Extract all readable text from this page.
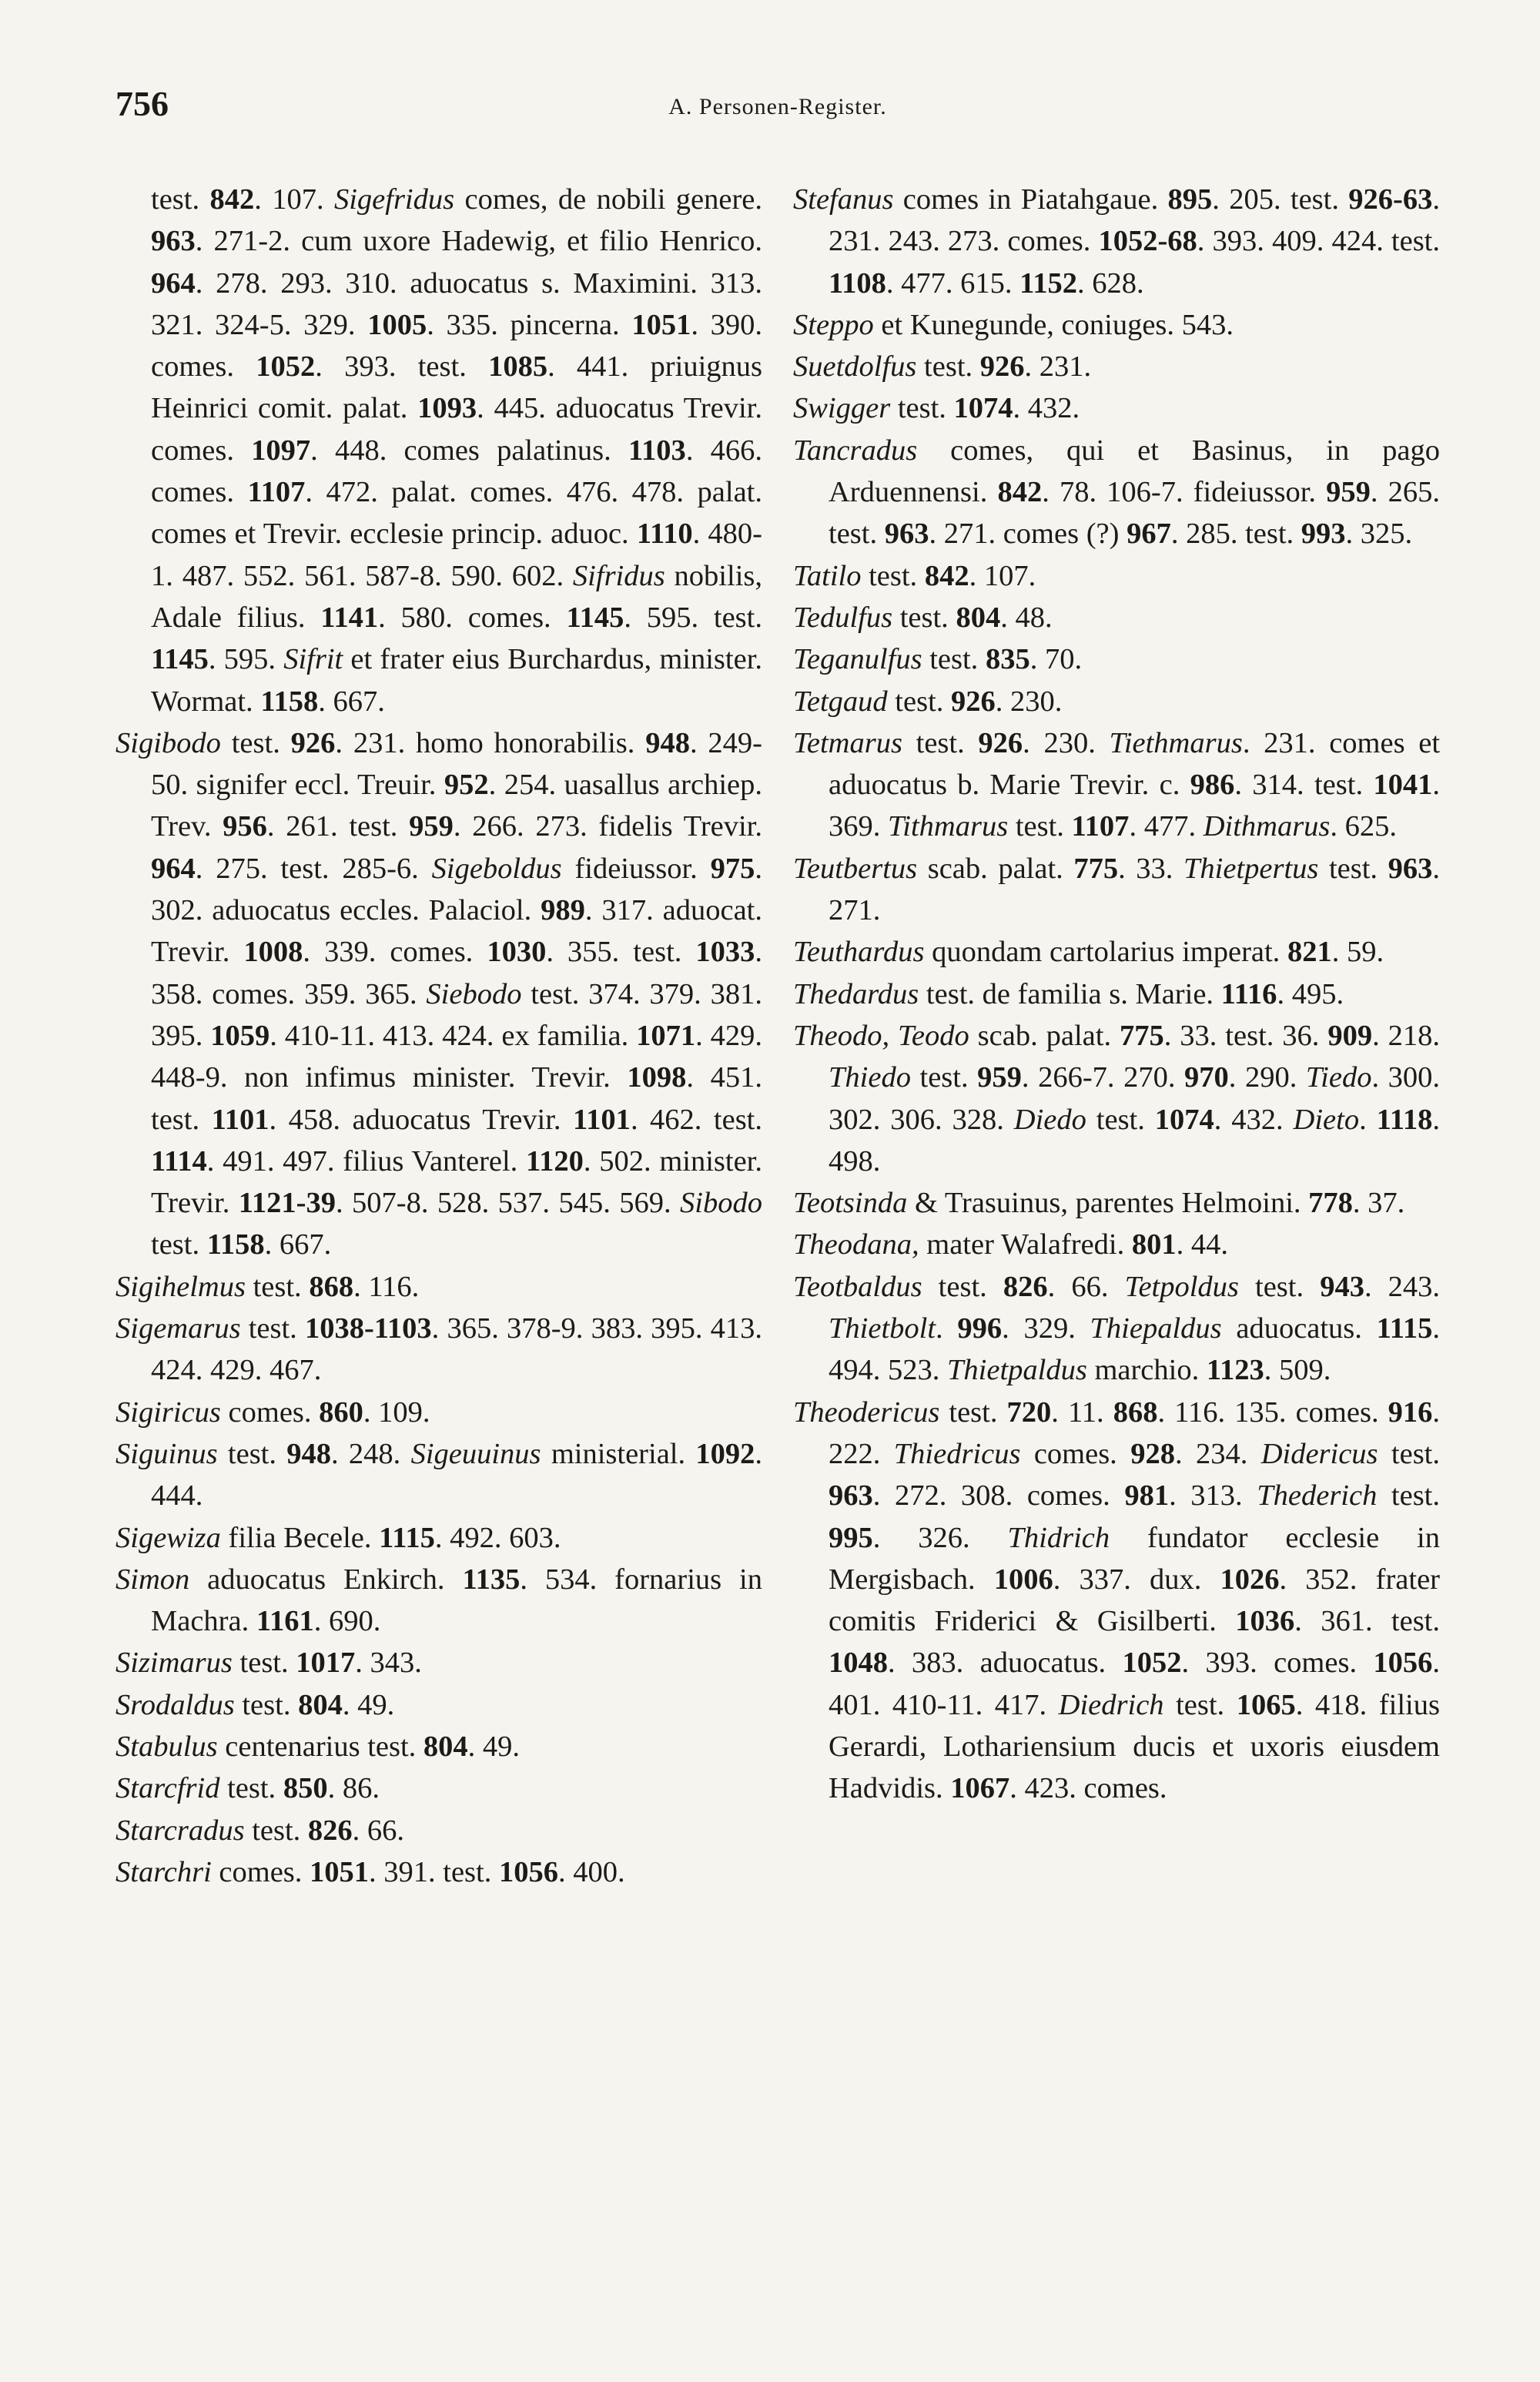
756	A. Personen-Register.
test. 842. 107. Sigefridus comes, de nobili genere. 963. 271-2. cum uxore Hadewig, et filio Henrico. 964. 278. 293. 310. aduocatus s. Maximini. 313. 321. 324-5. 329. 1005. 335. pincerna. 1051. 390. comes. 1052. 393. test. 1085. 441. priuignus Heinrici comit. palat. 1093. 445. aduocatus Trevir. comes. 1097. 448. comes palatinus. 1103. 466. comes. 1107. 472. palat. comes. 476. 478. palat. comes et Trevir. ecclesie princip. aduoc. 1110. 480-1. 487. 552. 561. 587-8. 590. 602. Sifridus nobilis, Adale filius. 1141. 580. comes. 1145. 595. test. 1145. 595. Sifrit et frater eius Burchardus, minister. Wormat. 1158. 667.
Sigibodo test. 926. 231. homo honorabilis. 948. 249-50. signifer eccl. Treuir. 952. 254. uasallus archiep. Trev. 956. 261. test. 959. 266. 273. fidelis Trevir. 964. 275. test. 285-6. Sigeboldus fideiussor. 975. 302. aduocatus eccles. Palaciol. 989. 317. aduocat. Trevir. 1008. 339. comes. 1030. 355. test. 1033. 358. comes. 359. 365. Siebodo test. 374. 379. 381. 395. 1059. 410-11. 413. 424. ex familia. 1071. 429. 448-9. non infimus minister. Trevir. 1098. 451. test. 1101. 458. aduocatus Trevir. 1101. 462. test. 1114. 491. 497. filius Vanterel. 1120. 502. minister. Trevir. 1121-39. 507-8. 528. 537. 545. 569. Sibodo test. 1158. 667.
Sigihelmus test. 868. 116.
Sigemarus test. 1038-1103. 365. 378-9. 383. 395. 413. 424. 429. 467.
Sigiricus comes. 860. 109.
Siguinus test. 948. 248. Sigeuuinus ministerial. 1092. 444.
Sigewiza filia Becele. 1115. 492. 603.
Simon aduocatus Enkirch. 1135. 534. fornarius in Machra. 1161. 690.
Sizimarus test. 1017. 343.
Srodaldus test. 804. 49.
Stabulus centenarius test. 804. 49.
Starcfrid test. 850. 86.
Starcradus test. 826. 66.
Starchri comes. 1051. 391. test. 1056. 400.
Stefanus comes in Piatahgaue. 895. 205. test. 926-63. 231. 243. 273. comes. 1052-68. 393. 409. 424. test. 1108. 477. 615. 1152. 628.
Steppo et Kunegunde, coniuges. 543.
Suetdolfus test. 926. 231.
Swigger test. 1074. 432.
Tancradus comes, qui et Basinus, in pago Arduennensi. 842. 78. 106-7. fideiussor. 959. 265. test. 963. 271. comes (?) 967. 285. test. 993. 325.
Tatilo test. 842. 107.
Tedulfus test. 804. 48.
Teganulfus test. 835. 70.
Tetgaud test. 926. 230.
Tetmarus test. 926. 230. Tiethmarus. 231. comes et aduocatus b. Marie Trevir. c. 986. 314. test. 1041. 369. Tithmarus test. 1107. 477. Dithmarus. 625.
Teutbertus scab. palat. 775. 33. Thietpertus test. 963. 271.
Teuthardus quondam cartolarius imperat. 821. 59.
Thedardus test. de familia s. Marie. 1116. 495.
Theodo, Teodo scab. palat. 775. 33. test. 36. 909. 218. Thiedo test. 959. 266-7. 270. 970. 290. Tiedo. 300. 302. 306. 328. Diedo test. 1074. 432. Dieto. 1118. 498.
Teotsinda & Trasuinus, parentes Helmoini. 778. 37.
Theodana, mater Walafredi. 801. 44.
Teotbaldus test. 826. 66. Tetpoldus test. 943. 243. Thietbolt. 996. 329. Thiepaldus aduocatus. 1115. 494. 523. Thietpaldus marchio. 1123. 509.
Theodericus test. 720. 11. 868. 116. 135. comes. 916. 222. Thiedricus comes. 928. 234. Didericus test. 963. 272. 308. comes. 981. 313. Thederich test. 995. 326. Thidrich fundator ecclesie in Mergisbach. 1006. 337. dux. 1026. 352. frater comitis Friderici & Gisilberti. 1036. 361. test. 1048. 383. aduocatus. 1052. 393. comes. 1056. 401. 410-11. 417. Diedrich test. 1065. 418. filius Gerardi, Lothariensium ducis et uxoris eiusdem Hadvidis. 1067. 423. comes.
